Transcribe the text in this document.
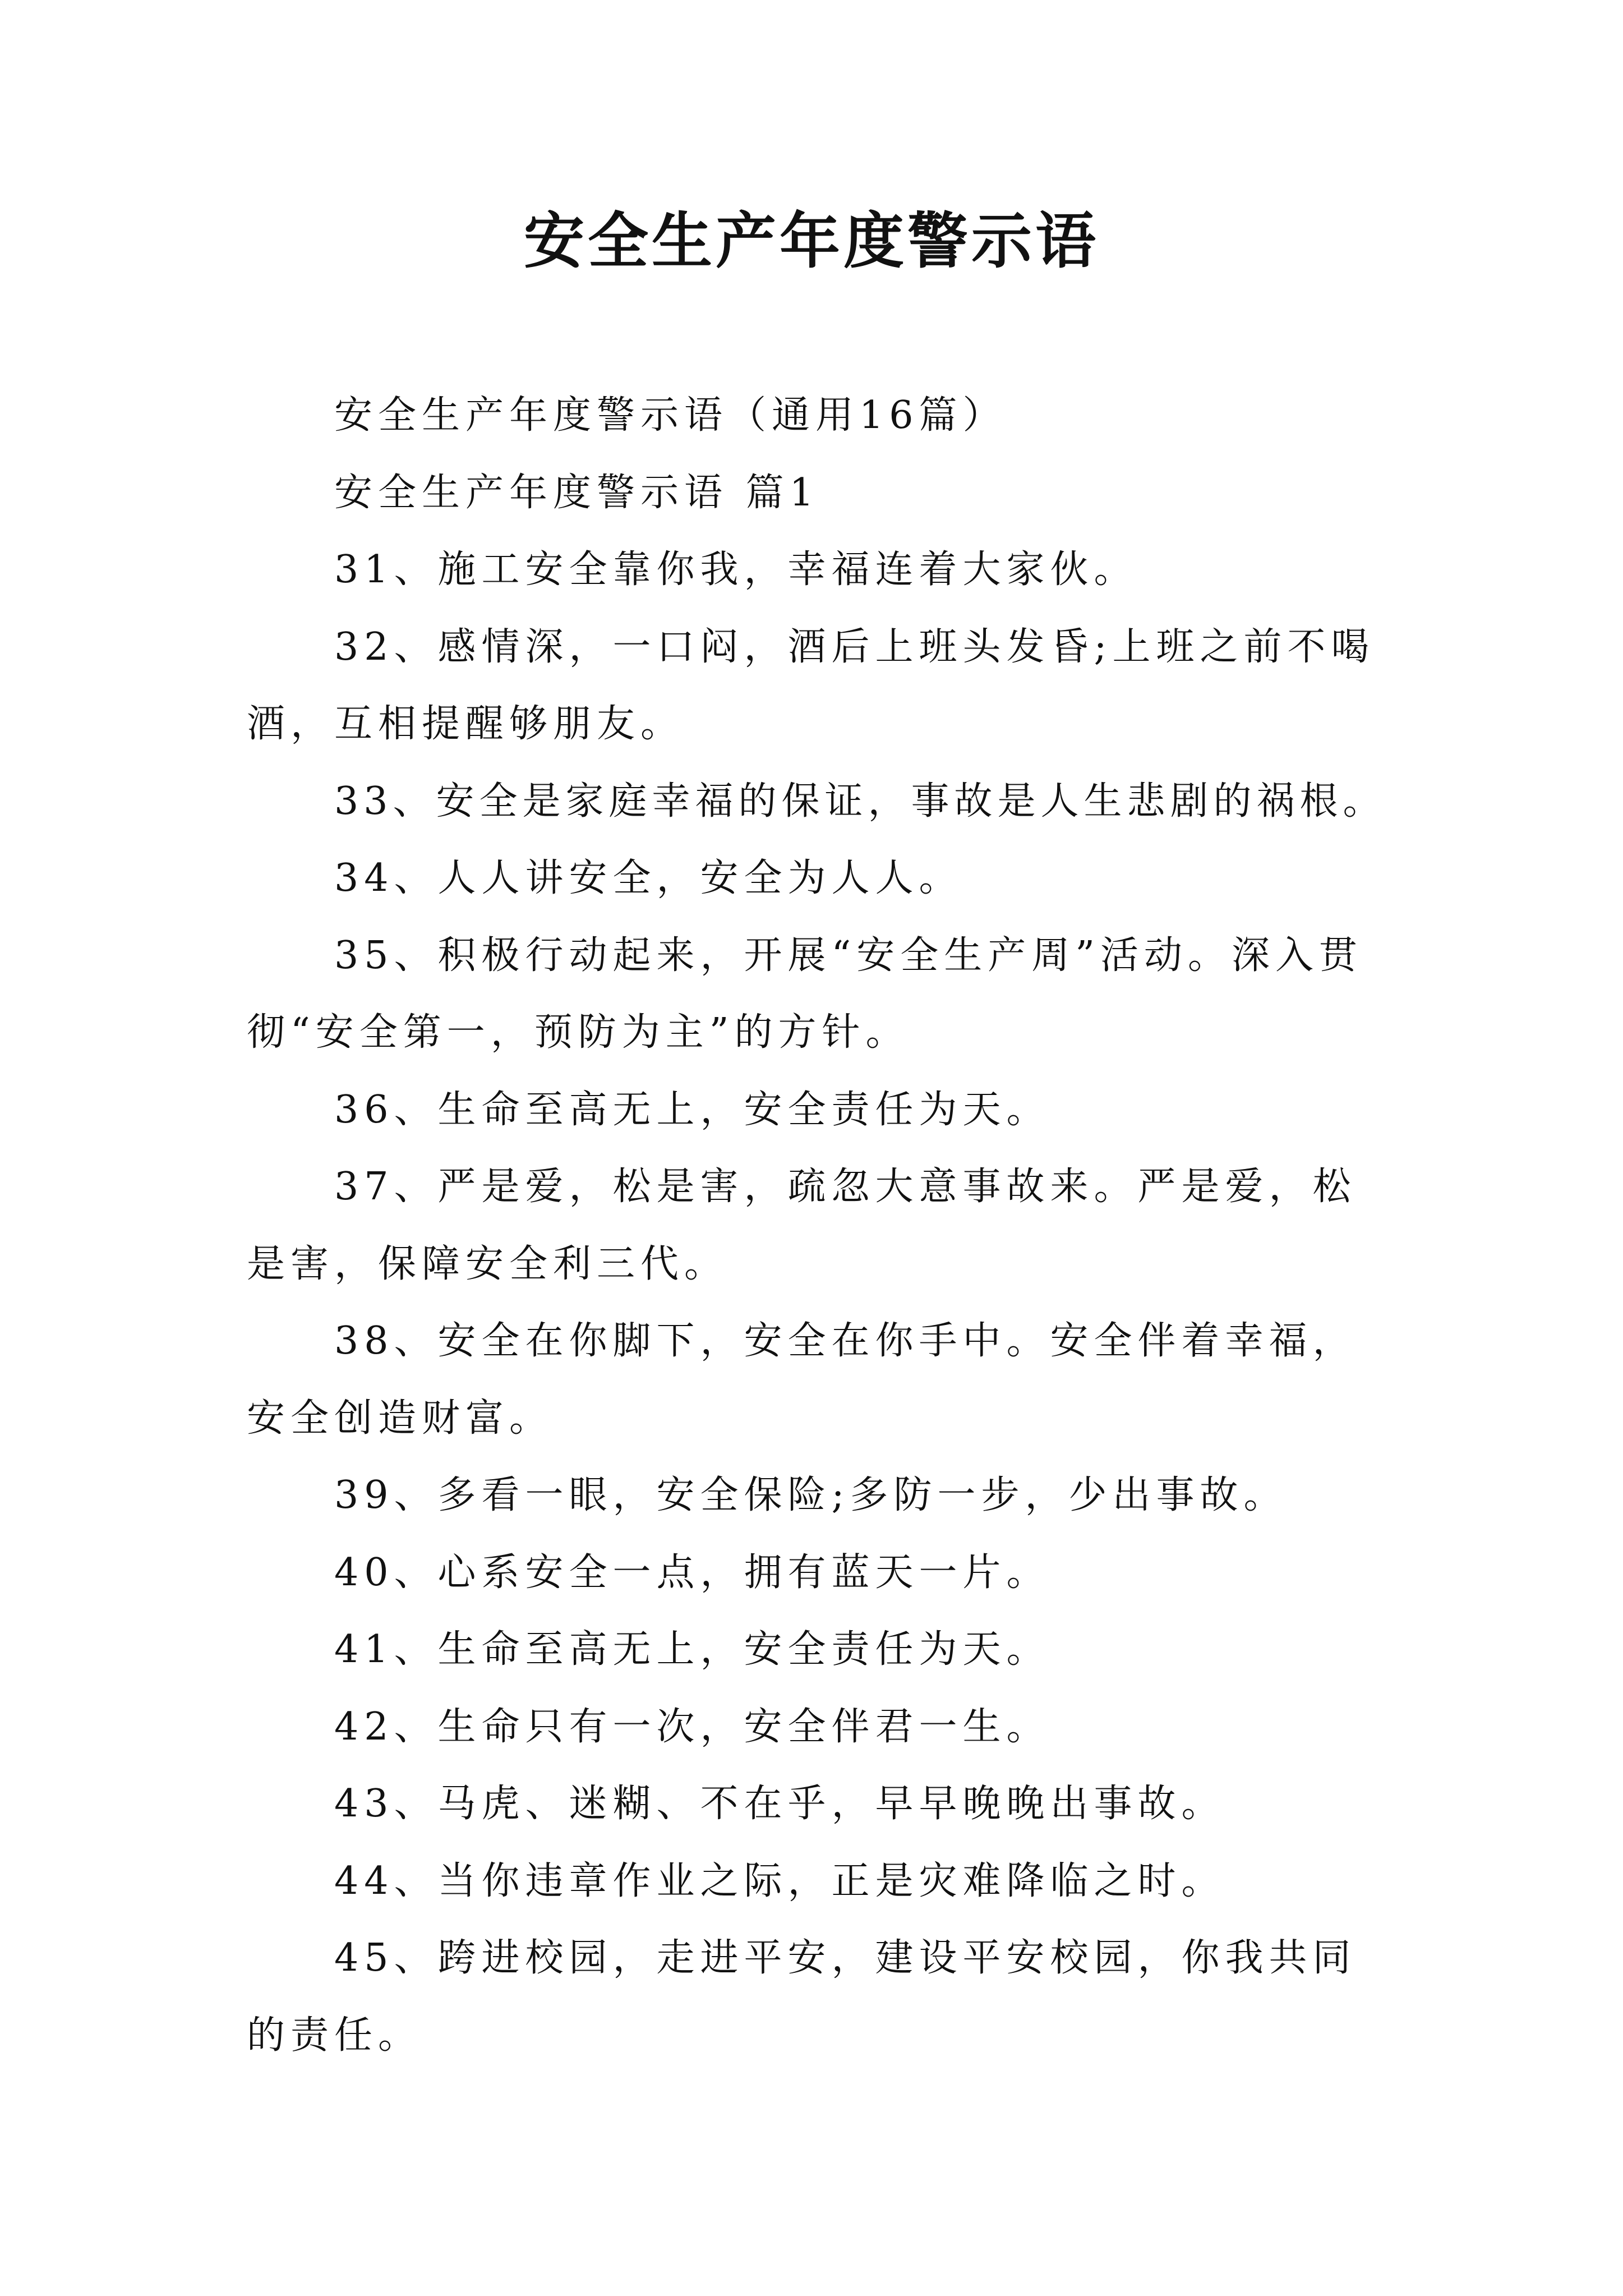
安全生产年度警示语

安全生产年度警示语（通用16篇）

安全生产年度警示语 篇1

31、施工安全靠你我，幸福连着大家伙。

32、感情深，一口闷，酒后上班头发昏;上班之前不喝酒，互相提醒够朋友。

33、安全是家庭幸福的保证，事故是人生悲剧的祸根。

34、人人讲安全，安全为人人。

35、积极行动起来，开展“安全生产周”活动。深入贯彻“安全第一，预防为主”的方针。

36、生命至高无上，安全责任为天。

37、严是爱，松是害，疏忽大意事故来。严是爱，松是害，保障安全利三代。

38、安全在你脚下，安全在你手中。安全伴着幸福，安全创造财富。

39、多看一眼，安全保险;多防一步，少出事故。

40、心系安全一点，拥有蓝天一片。

41、生命至高无上，安全责任为天。

42、生命只有一次，安全伴君一生。

43、马虎、迷糊、不在乎，早早晚晚出事故。

44、当你违章作业之际，正是灾难降临之时。

45、跨进校园，走进平安，建设平安校园，你我共同的责任。
